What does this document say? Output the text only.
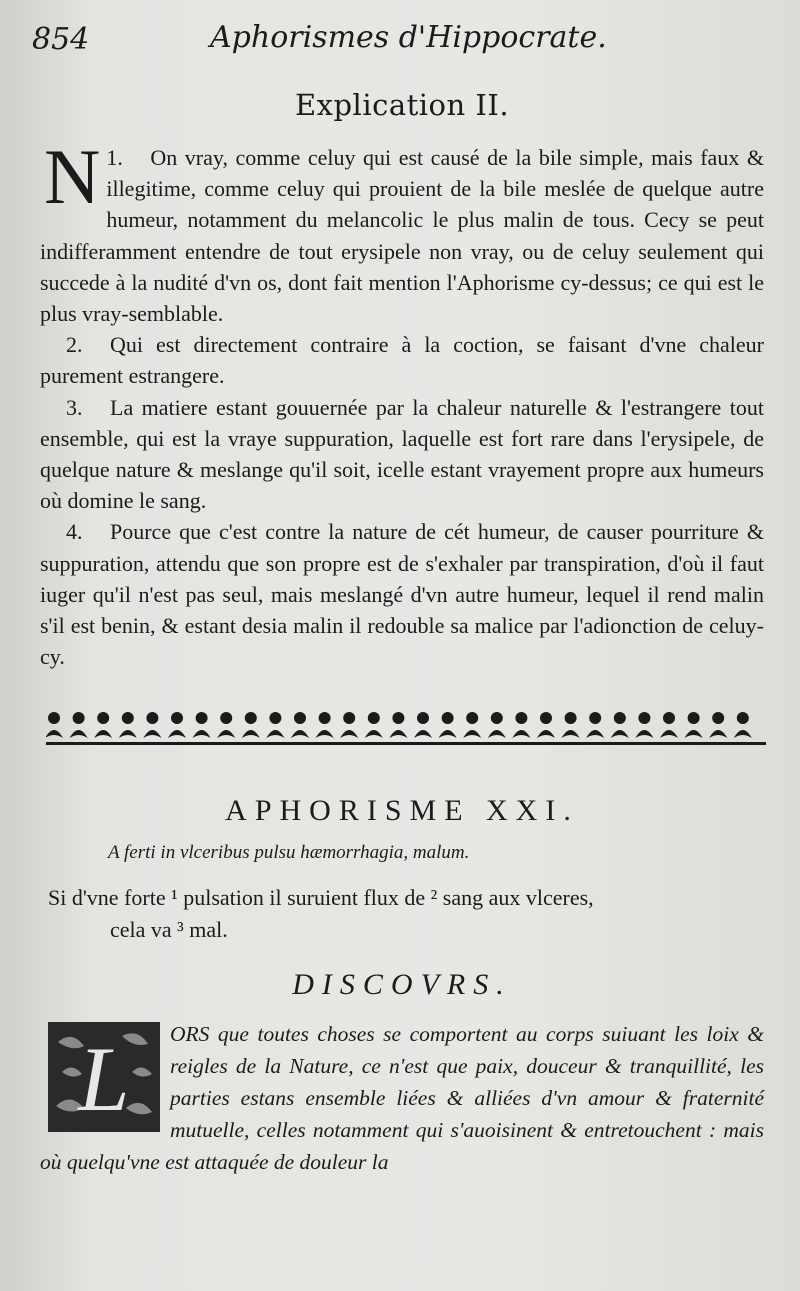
854	Aphorismes d'Hippocrate.
Explication II.

1.
N On vray, comme celuy qui est causé de la bile simple, mais faux & illegitime, comme celuy qui prouient de la bile meslée de quelque autre humeur, notamment du melancolic le plus malin de tous. Cecy se peut indifferamment entendre de tout erysipele non vray, ou de celuy seulement qui succede à la nudité d'vn os, dont fait mention l'Aphorisme cy-dessus; ce qui est le plus vray-semblable.

2. Qui est directement contraire à la coction, se faisant d'vne chaleur purement estrangere.

3. La matiere estant gouuernée par la chaleur naturelle & l'estrangere tout ensemble, qui est la vraye suppuration, laquelle est fort rare dans l'erysipele, de quelque nature & meslange qu'il soit, icelle estant vrayement propre aux humeurs où domine le sang.

4. Pource que c'est contre la nature de cét humeur, de causer pourriture & suppuration, attendu que son propre est de s'exhaler par transpiration, d'où il faut iuger qu'il n'est pas seul, mais meslangé d'vn autre humeur, lequel il rend malin s'il est benin, & estant desia malin il redouble sa malice par l'adionction de celuy-cy.

APHORISME XXI.
A ferti in vlceribus pulsu hæmorrhagia, malum.
Si d'vne forte ¹ pulsation il suruient flux de ² sang aux vlceres,
cela va ³ mal.
DISCOVRS.

L ORS que toutes choses se comportent au corps suiuant les loix & reigles de la Nature, ce n'est que paix, douceur & tranquillité, les parties estans ensemble liées & alliées d'vn amour & fraternité mutuelle, celles notamment qui s'auoisinent & entretouchent : mais où quelqu'vne est attaquée de douleur la
